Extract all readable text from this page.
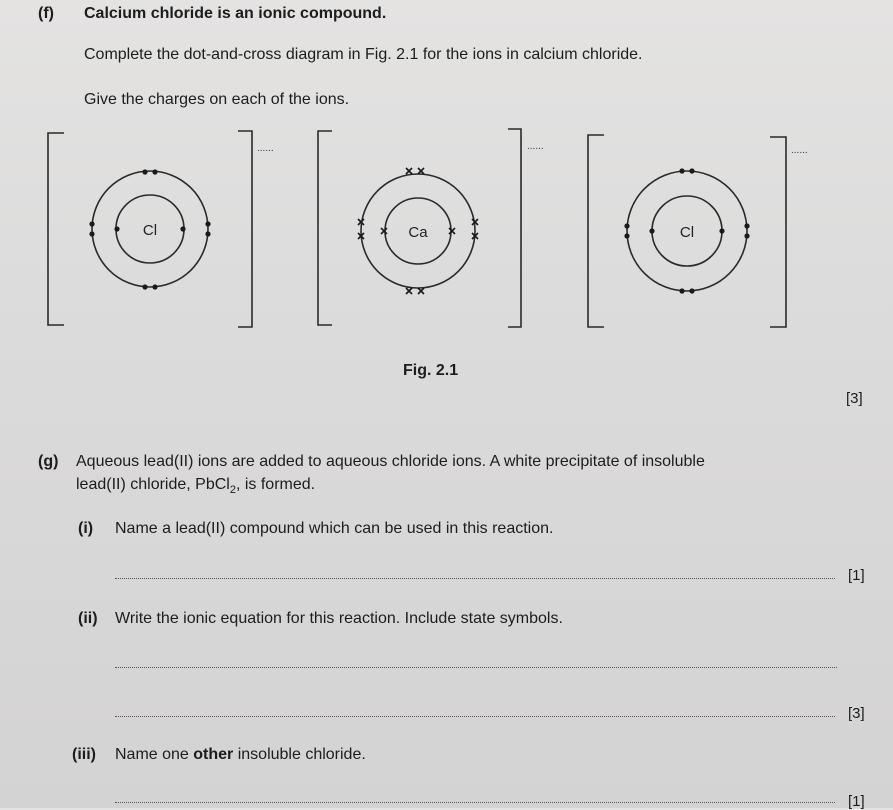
(f) Calcium chloride is an ionic compound.
Complete the dot-and-cross diagram in Fig. 2.1 for the ions in calcium chloride.
Give the charges on each of the ions.
Cl	Ca	Cl
......	......	......
Fig. 2.1
[3]
(g) Aqueous lead(II) ions are added to aqueous chloride ions. A white precipitate of insoluble
lead(II) chloride, PbCl$_2$, is formed.
(i) Name a lead(II) compound which can be used in this reaction.
[1]
(ii) Write the ionic equation for this reaction. Include state symbols.
[3]
(iii) Name one other insoluble chloride.
[1]
